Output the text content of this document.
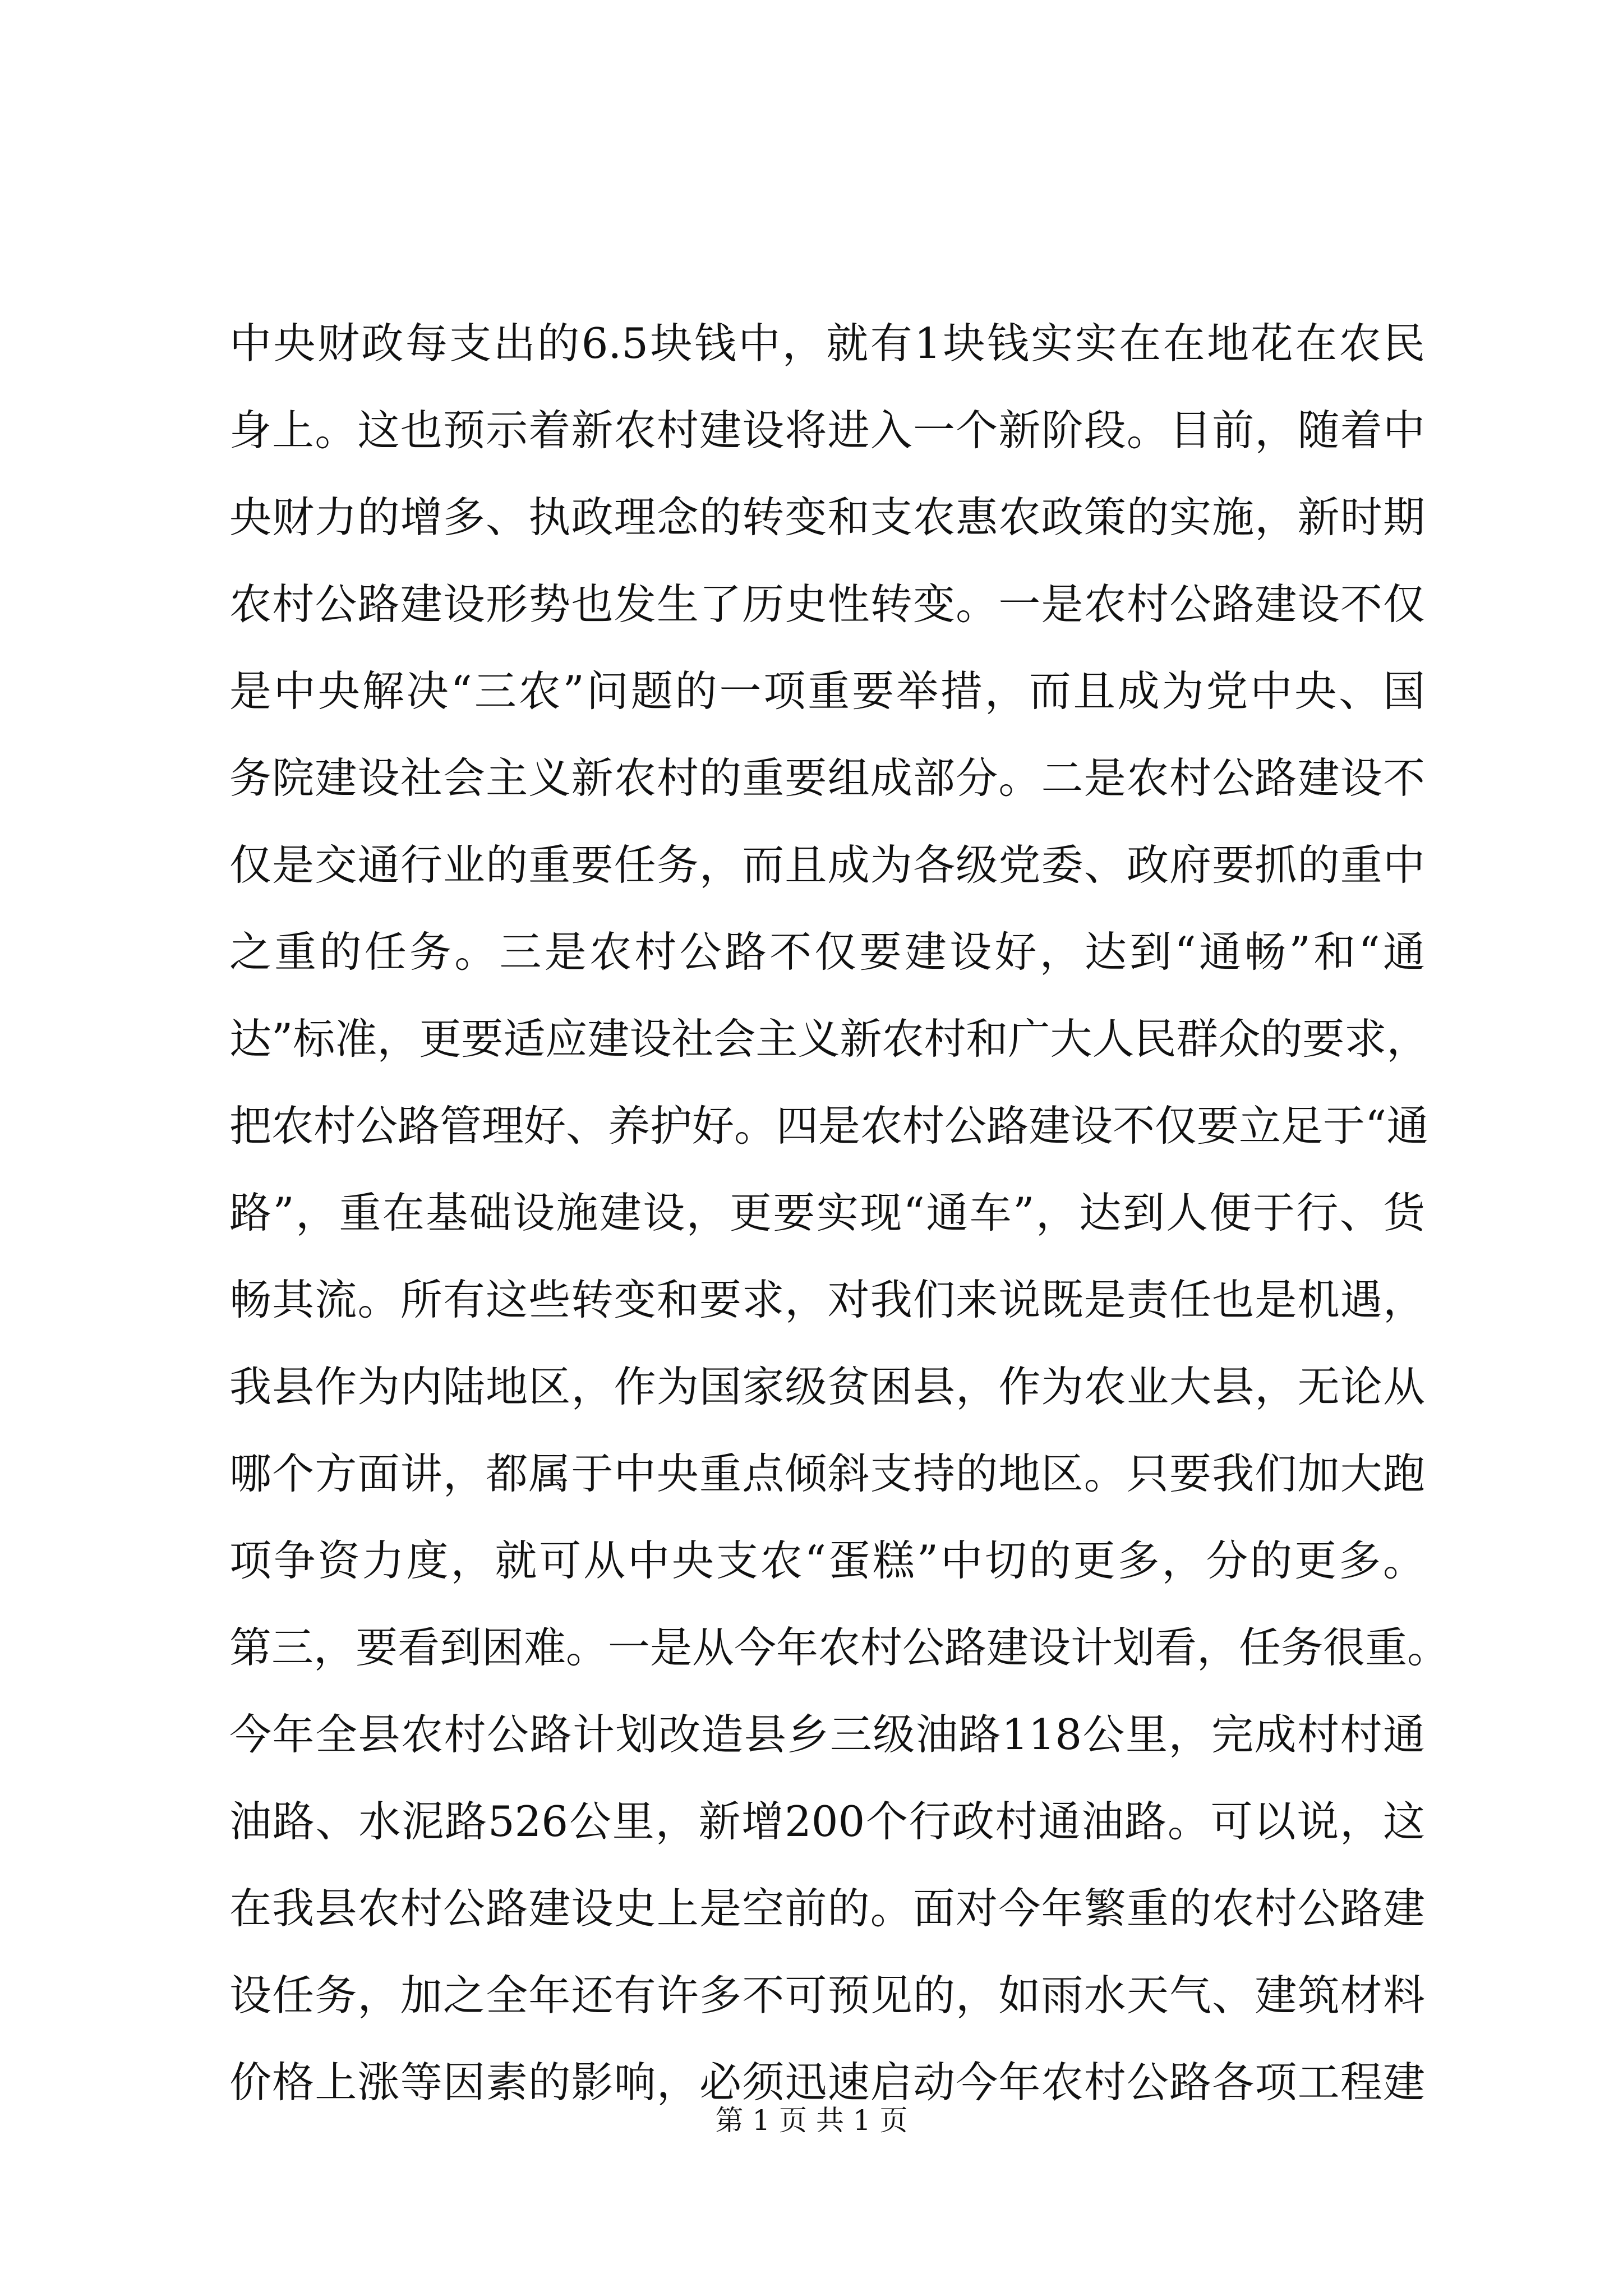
中央财政每支出的6.5块钱中，就有1块钱实实在在地花在农民
身上。这也预示着新农村建设将进入一个新阶段。目前，随着中
央财力的增多、执政理念的转变和支农惠农政策的实施，新时期
农村公路建设形势也发生了历史性转变。一是农村公路建设不仅
是中央解决“三农”问题的一项重要举措，而且成为党中央、国
务院建设社会主义新农村的重要组成部分。二是农村公路建设不
仅是交通行业的重要任务，而且成为各级党委、政府要抓的重中
之重的任务。三是农村公路不仅要建设好，达到“通畅”和“通
达”标准，更要适应建设社会主义新农村和广大人民群众的要求，
把农村公路管理好、养护好。四是农村公路建设不仅要立足于“通
路”，重在基础设施建设，更要实现“通车”，达到人便于行、货
畅其流。所有这些转变和要求，对我们来说既是责任也是机遇，
我县作为内陆地区，作为国家级贫困县，作为农业大县，无论从
哪个方面讲，都属于中央重点倾斜支持的地区。只要我们加大跑
项争资力度，就可从中央支农“蛋糕”中切的更多，分的更多。
第三，要看到困难。一是从今年农村公路建设计划看，任务很重。
今年全县农村公路计划改造县乡三级油路118公里，完成村村通
油路、水泥路526公里，新增200个行政村通油路。可以说，这
在我县农村公路建设史上是空前的。面对今年繁重的农村公路建
设任务，加之全年还有许多不可预见的，如雨水天气、建筑材料
价格上涨等因素的影响，必须迅速启动今年农村公路各项工程建
第 1 页 共 1 页
